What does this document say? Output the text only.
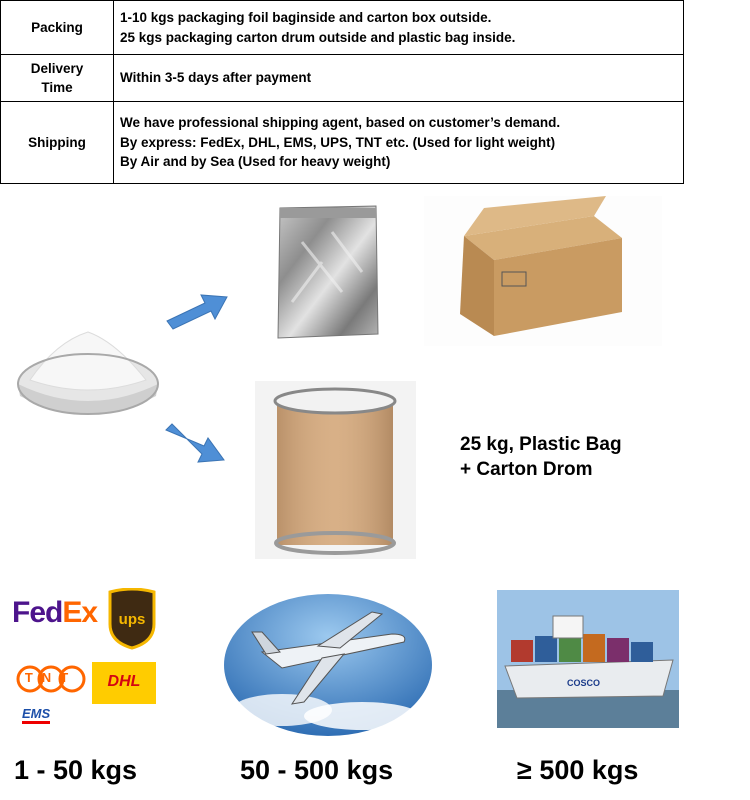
Packing	1-10 kgs packaging foil baginside and carton box outside.
25 kgs packaging carton drum outside and plastic bag inside.

Delivery
Time	Within 3-5 days after payment
Shipping	We have professional shipping agent, based on customer’s demand.
By express: FedEx, DHL, EMS, UPS, TNT etc. (Used for light weight)
By Air and by Sea (Used for heavy weight)
25 kg, Plastic Bag
+ Carton Drom
FedEx ups
TNT	DHL
EMS
COSCO
1 - 50 kgs	50 - 500 kgs	≥ 500 kgs
